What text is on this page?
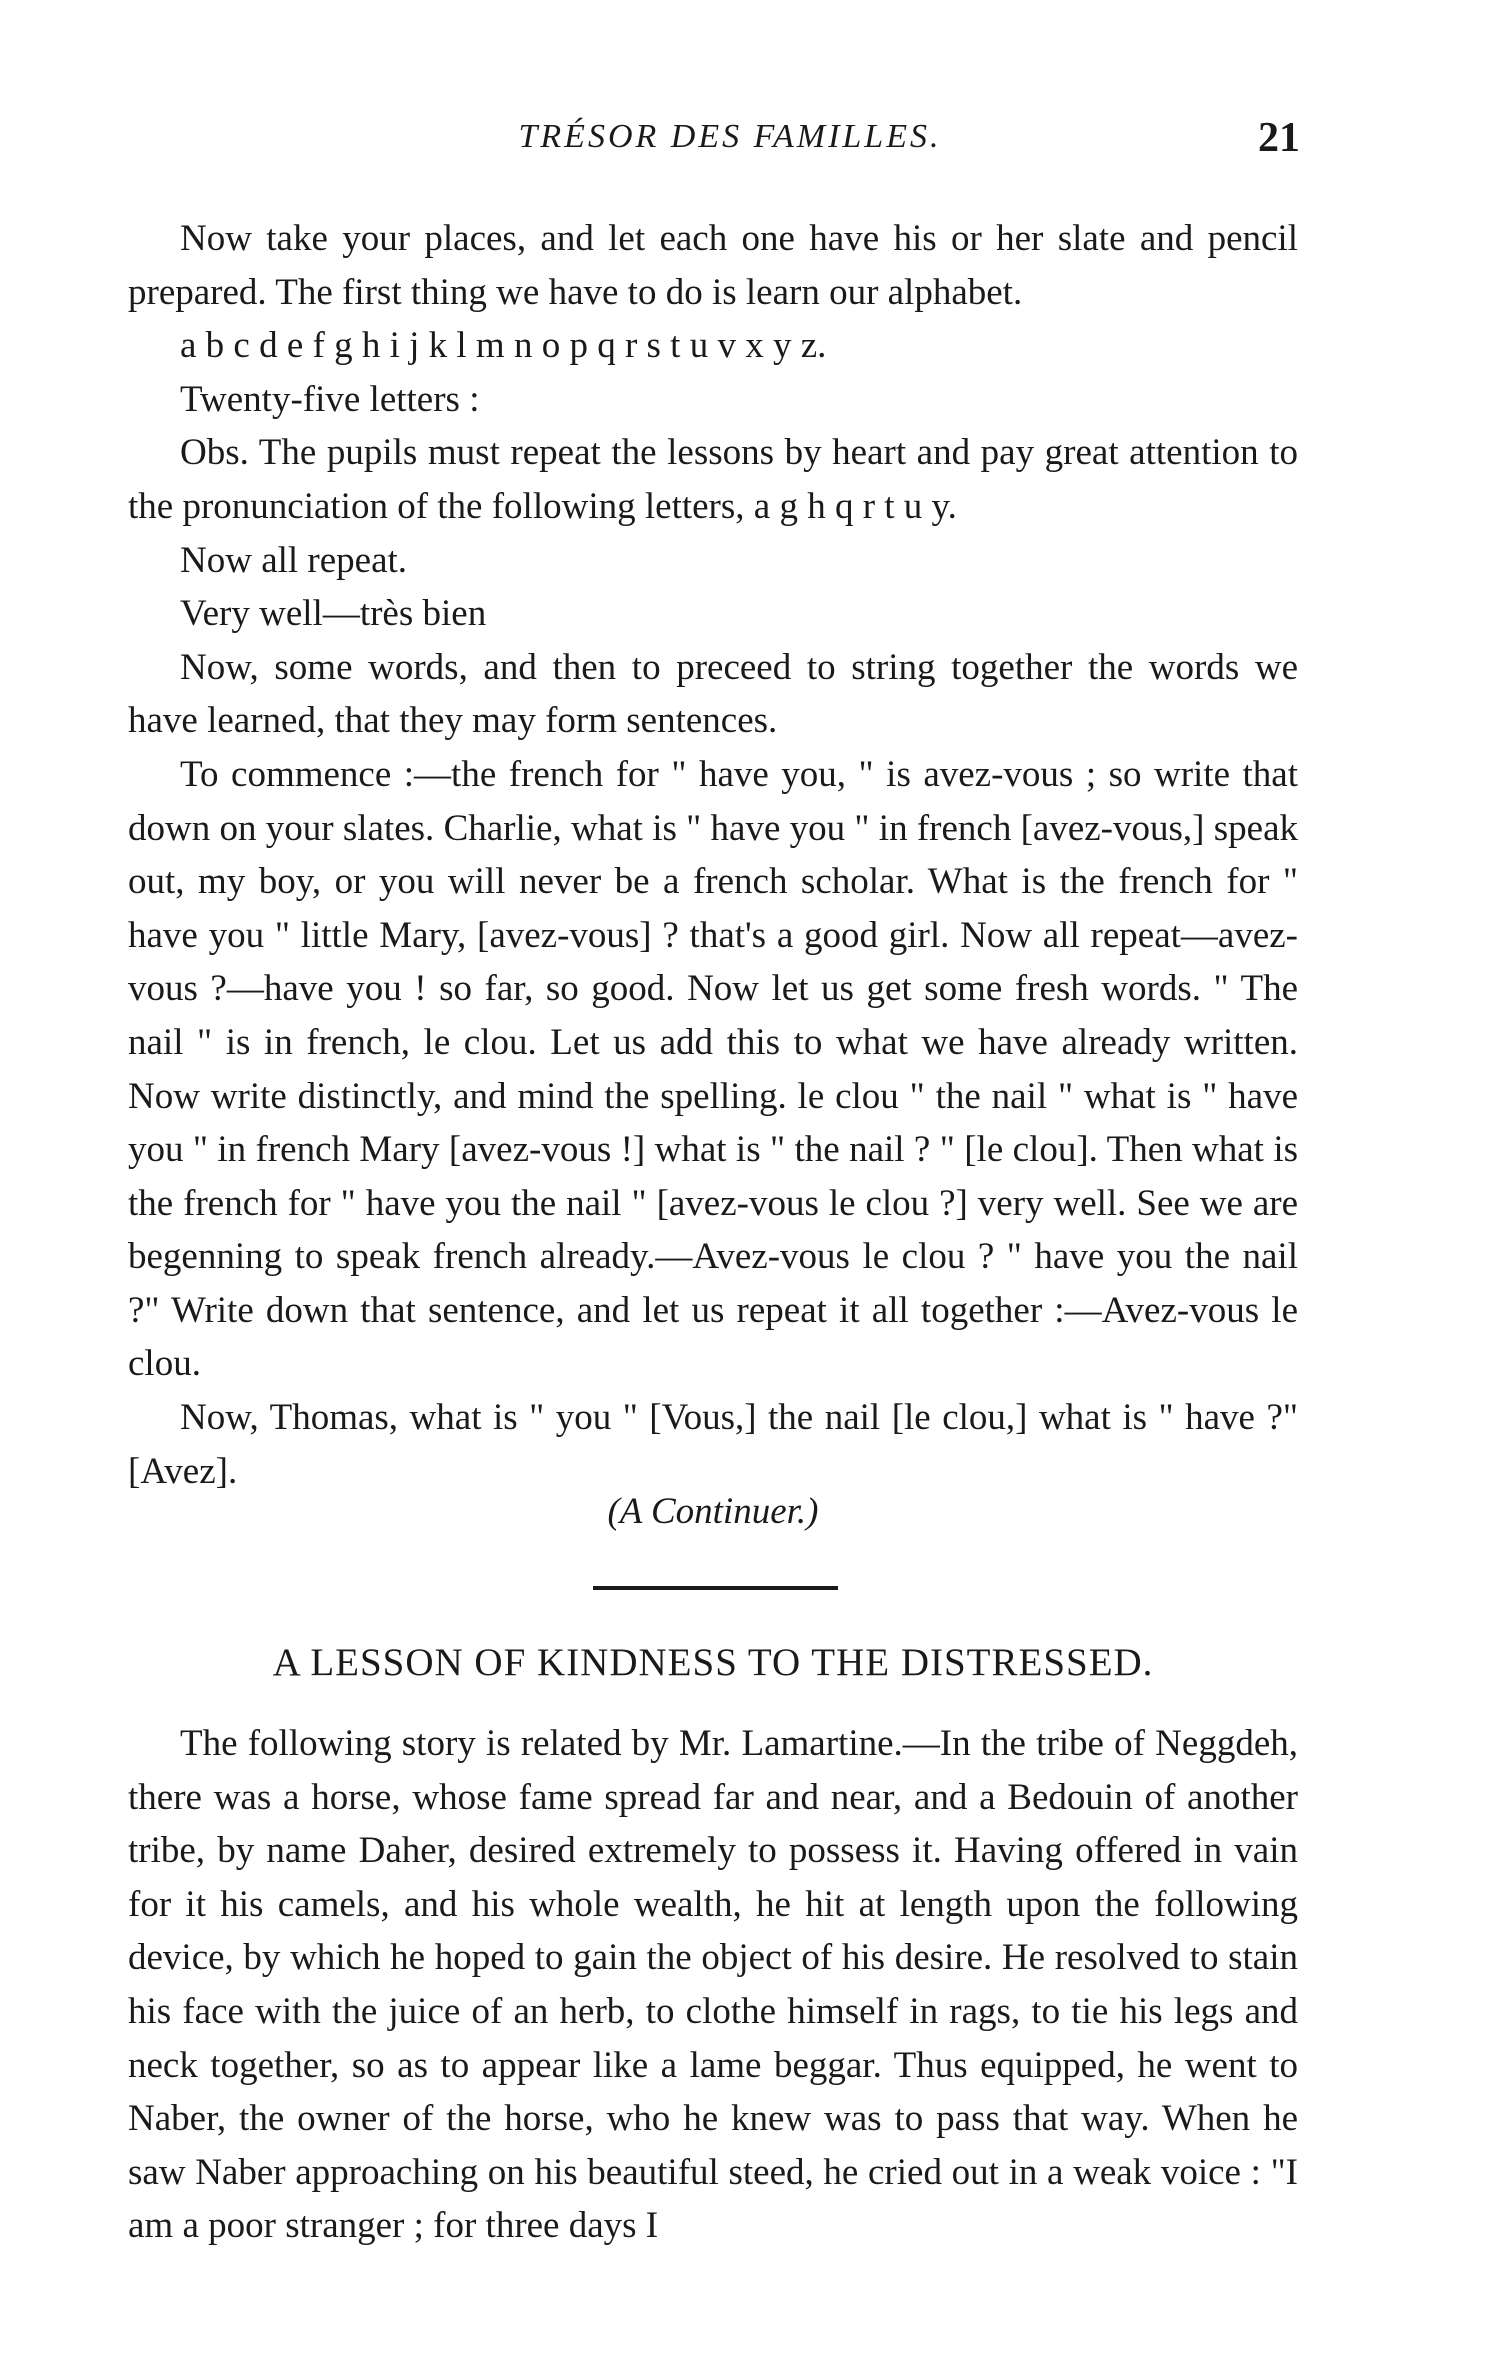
TRÉSOR DES FAMILLES.	21

Now take your places, and let each one have his or her slate and pencil prepared. The first thing we have to do is learn our alphabet.

a b c d e f g h i j k l m n o p q r s t u v x y z.

Twenty-five letters :

Obs. The pupils must repeat the lessons by heart and pay great attention to the pronunciation of the following letters, a g h q r t u y.

Now all repeat.

Very well—très bien

Now, some words, and then to preceed to string together the words we have learned, that they may form sentences.

To commence :—the french for " have you, " is avez-vous ; so write that down on your slates. Charlie, what is " have you " in french [avez-vous,] speak out, my boy, or you will never be a french scholar. What is the french for " have you " little Mary, [avez-vous] ? that's a good girl. Now all repeat—avez-vous ?—have you ! so far, so good. Now let us get some fresh words. " The nail " is in french, le clou. Let us add this to what we have already written. Now write distinctly, and mind the spelling. le clou " the nail " what is " have you " in french Mary [avez-vous !] what is " the nail ? " [le clou]. Then what is the french for " have you the nail " [avez-vous le clou ?] very well. See we are begenning to speak french already.—Avez-vous le clou ? " have you the nail ?" Write down that sentence, and let us repeat it all together :—Avez-vous le clou.

Now, Thomas, what is " you " [Vous,] the nail [le clou,] what is " have ?" [Avez].

(A Continuer.)
A LESSON OF KINDNESS TO THE DISTRESSED.

The following story is related by Mr. Lamartine.—In the tribe of Neggdeh, there was a horse, whose fame spread far and near, and a Bedouin of another tribe, by name Daher, desired extremely to possess it. Having offered in vain for it his camels, and his whole wealth, he hit at length upon the following device, by which he hoped to gain the object of his desire. He resolved to stain his face with the juice of an herb, to clothe himself in rags, to tie his legs and neck together, so as to appear like a lame beggar. Thus equipped, he went to Naber, the owner of the horse, who he knew was to pass that way. When he saw Naber approaching on his beautiful steed, he cried out in a weak voice : "I am a poor stranger ; for three days I
